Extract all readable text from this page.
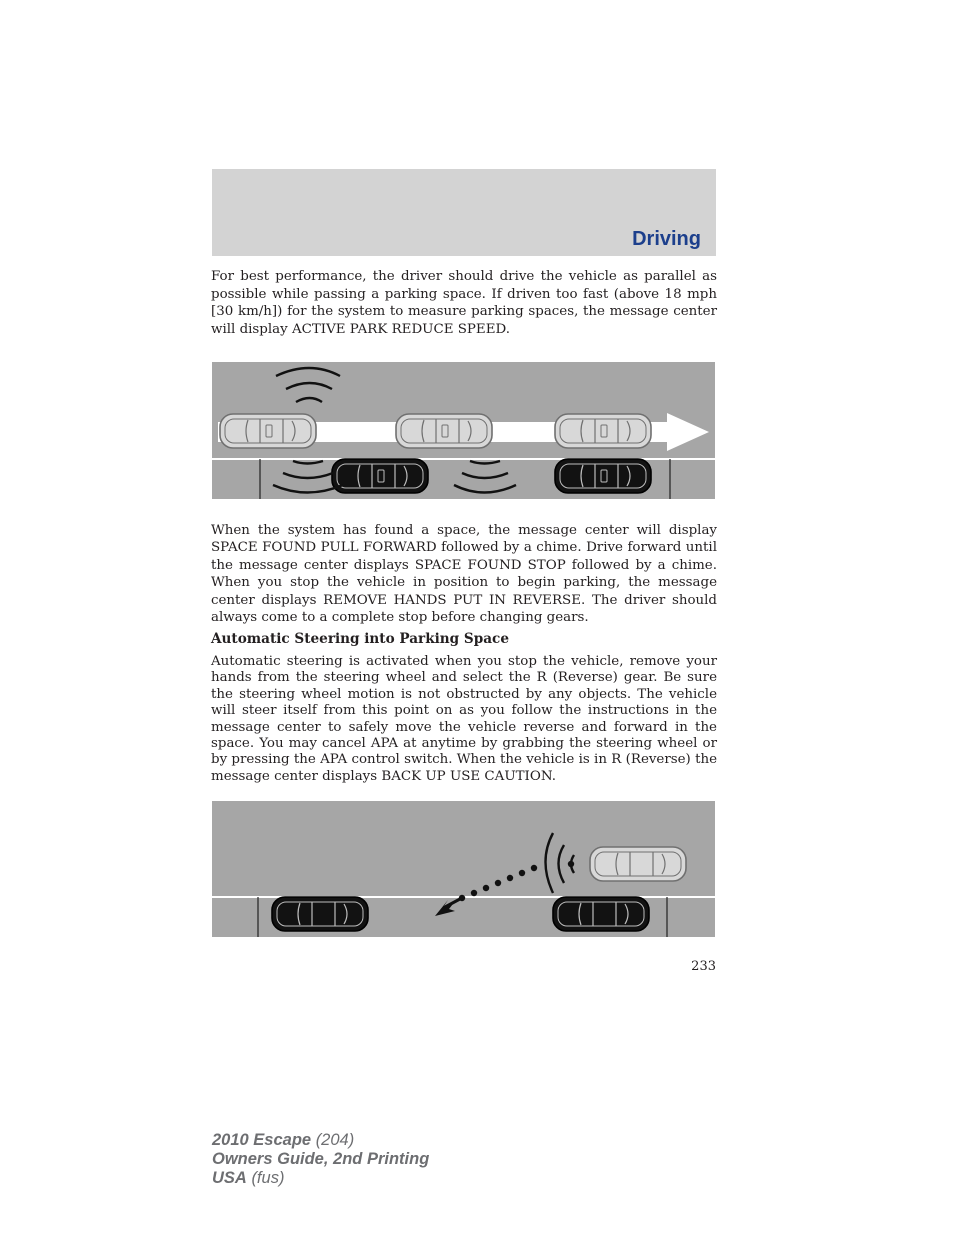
Driving

For best performance, the driver should drive the vehicle as parallel as possible while passing a parking space. If driven too fast (above 18 mph [30 km/h]) for the system to measure parking spaces, the message center will display ACTIVE PARK REDUCE SPEED.

When the system has found a space, the message center will display SPACE FOUND PULL FORWARD followed by a chime. Drive forward until the message center displays SPACE FOUND STOP followed by a chime. When you stop the vehicle in position to begin parking, the message center displays REMOVE HANDS PUT IN REVERSE. The driver should always come to a complete stop before changing gears.

Automatic Steering into Parking Space

Automatic steering is activated when you stop the vehicle, remove your hands from the steering wheel and select the R (Reverse) gear. Be sure the steering wheel motion is not obstructed by any objects. The vehicle will steer itself from this point on as you follow the instructions in the message center to safely move the vehicle reverse and forward in the space. You may cancel APA at anytime by grabbing the steering wheel or by pressing the APA control switch. When the vehicle is in R (Reverse) the message center displays BACK UP USE CAUTION.

233
2010 Escape (204)
Owners Guide, 2nd Printing
USA (fus)
